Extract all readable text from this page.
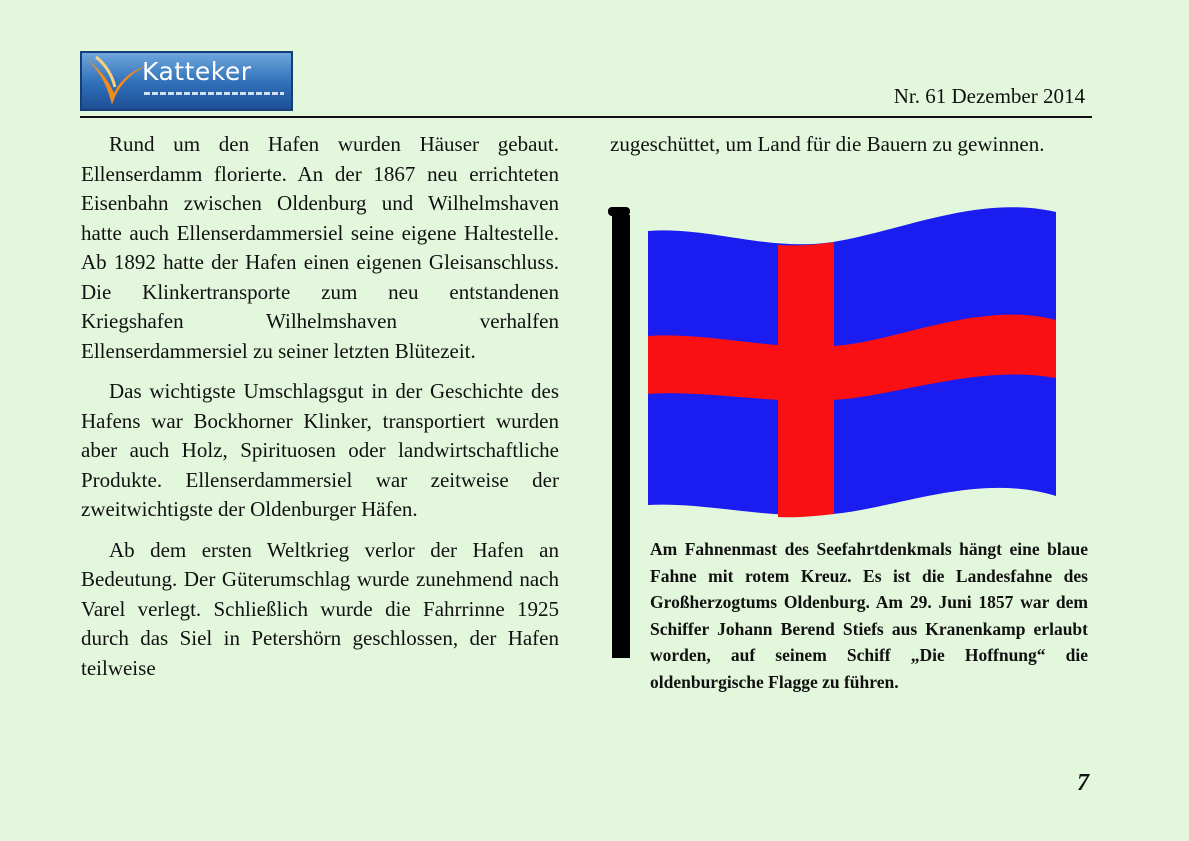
Katteker
Nr. 61 Dezember 2014

Rund um den Hafen wurden Häuser gebaut. Ellenserdamm florierte. An der 1867 neu errichteten Eisenbahn zwischen Oldenburg und Wilhelmshaven hatte auch Ellenserdammersiel seine eigene Haltestelle. Ab 1892 hatte der Hafen einen eigenen Gleisanschluss. Die Klinkertransporte zum neu entstandenen Kriegshafen Wilhelmshaven verhalfen Ellenserdammersiel zu seiner letzten Blütezeit.

Das wichtigste Umschlagsgut in der Geschichte des Hafens war Bockhorner Klinker, transportiert wurden aber auch Holz, Spirituosen oder landwirtschaftliche Produkte. Ellenserdammersiel war zeitweise der zweitwichtigste der Oldenburger Häfen.

Ab dem ersten Weltkrieg verlor der Hafen an Bedeutung. Der Güterumschlag wurde zunehmend nach Varel verlegt. Schließlich wurde die Fahrrinne 1925 durch das Siel in Petershörn geschlossen, der Hafen teilweise

zugeschüttet, um Land für die Bauern zu gewinnen.
Am Fahnenmast des Seefahrtdenkmals hängt eine blaue Fahne mit rotem Kreuz. Es ist die Landesfahne des Großherzogtums Oldenburg. Am 29. Juni 1857 war dem Schiffer Johann Berend Stiefs aus Kranenkamp erlaubt worden, auf seinem Schiff „Die Hoffnung“ die oldenburgische Flagge zu führen.
7
